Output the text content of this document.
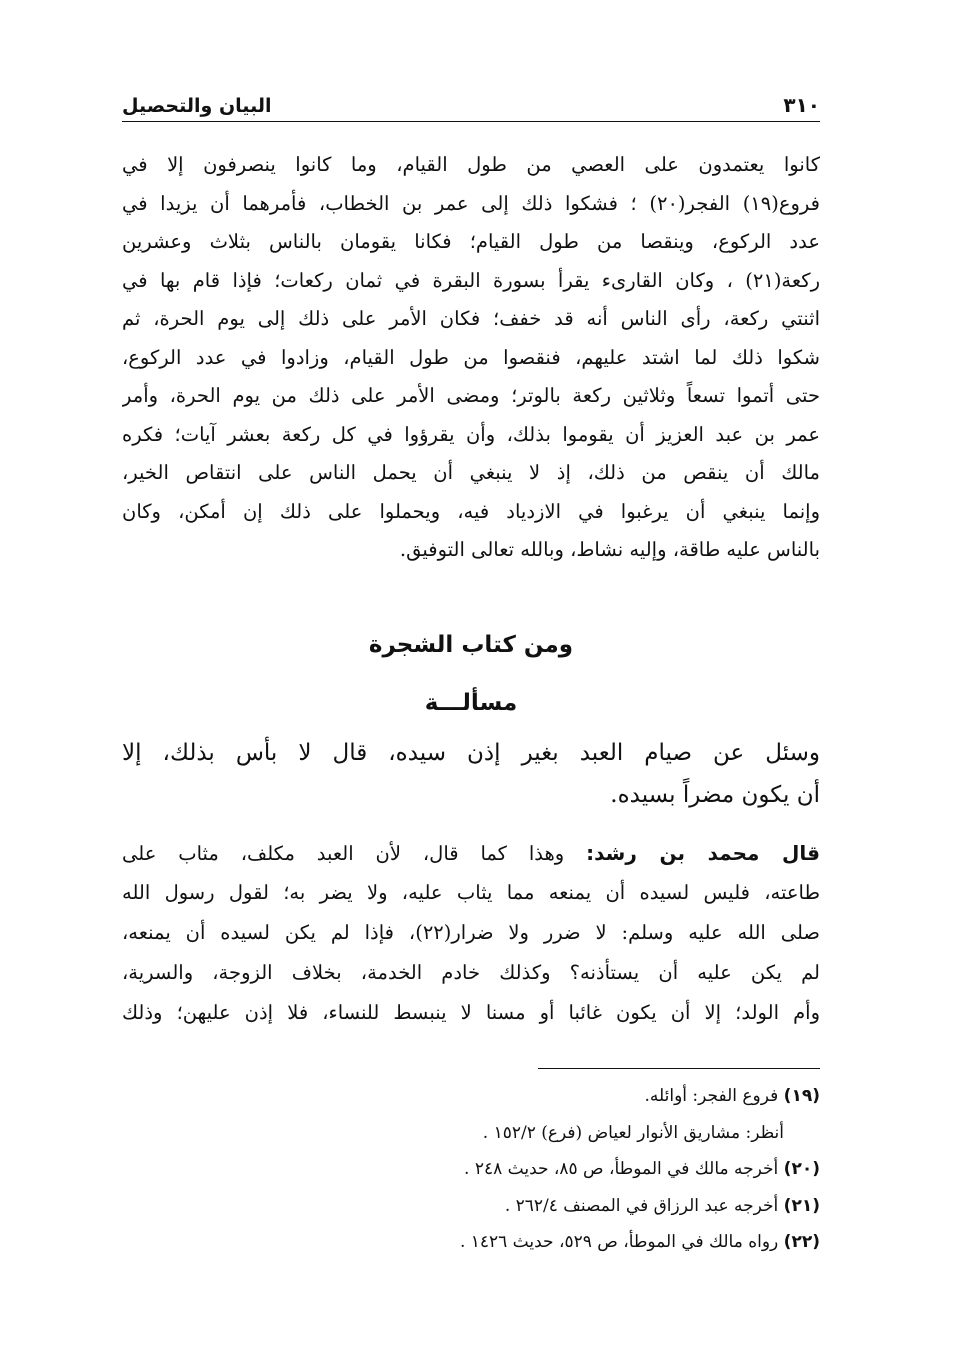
٣١٠
البيان والتحصيل
كانوا يعتمدون على العصي من طول القيام، وما كانوا ينصرفون إلا في
فروع(١٩) الفجر(٢٠) ؛ فشكوا ذلك إلى عمر بن الخطاب، فأمرهما أن يزيدا في
عدد الركوع، وينقصا من طول القيام؛ فكانا يقومان بالناس بثلاث وعشرين
ركعة(٢١) ، وكان القارىء يقرأ بسورة البقرة في ثمان ركعات؛ فإذا قام بها في
اثنتي ركعة، رأى الناس أنه قد خفف؛ فكان الأمر على ذلك إلى يوم الحرة، ثم
شكوا ذلك لما اشتد عليهم، فنقصوا من طول القيام، وزادوا في عدد الركوع،
حتى أتموا تسعاً وثلاثين ركعة بالوتر؛ ومضى الأمر على ذلك من يوم الحرة، وأمر
عمر بن عبد العزيز أن يقوموا بذلك، وأن يقرؤوا في كل ركعة بعشر آيات؛ فكره
مالك أن ينقص من ذلك، إذ لا ينبغي أن يحمل الناس على انتقاص الخير،
وإنما ينبغي أن يرغبوا في الازدياد فيه، ويحملوا على ذلك إن أمكن، وكان
بالناس عليه طاقة، وإليه نشاط، وبالله تعالى التوفيق.
ومن كتاب الشجرة
مسألـــة
وسئل عن صيام العبد بغير إذن سيده، قال لا بأس بذلك، إلا
أن يكون مضراً بسيده.
قال محمد بن رشد: وهذا كما قال، لأن العبد مكلف، مثاب على
طاعته، فليس لسيده أن يمنعه مما يثاب عليه، ولا يضر به؛ لقول رسول الله
صلى الله عليه وسلم: لا ضرر ولا ضرار(٢٢)، فإذا لم يكن لسيده أن يمنعه،
لم يكن عليه أن يستأذنه؟ وكذلك خادم الخدمة، بخلاف الزوجة، والسرية،
وأم الولد؛ إلا أن يكون غائبا أو مسنا لا ينبسط للنساء، فلا إذن عليهن؛ وذلك
(١٩) فروع الفجر: أوائله.
أنظر: مشاريق الأنوار لعياض (فرع) ١٥٢/٢ .
(٢٠) أخرجه مالك في الموطأ، ص ٨٥، حديث ٢٤٨ .
(٢١) أخرجه عبد الرزاق في المصنف ٢٦٢/٤ .
(٢٢) رواه مالك في الموطأ، ص ٥٢٩، حديث ١٤٢٦ .
